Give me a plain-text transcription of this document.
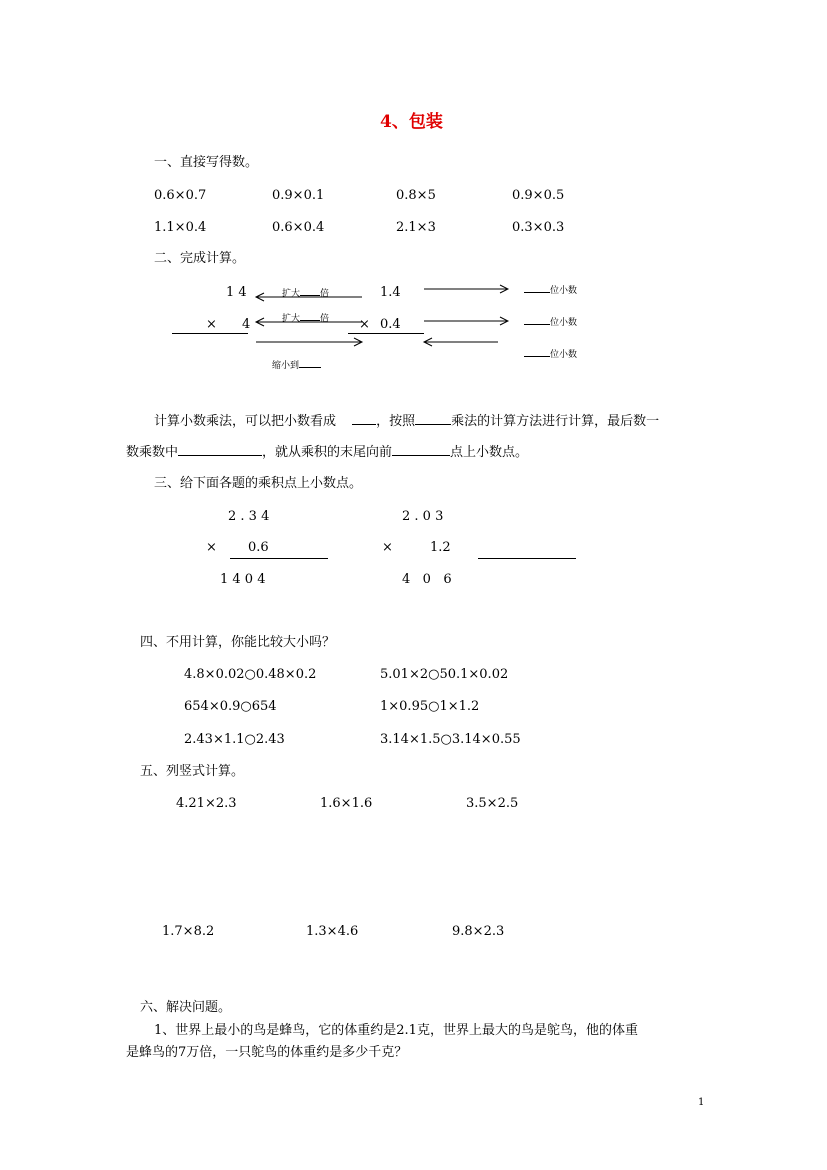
4、包装
一、直接写得数。
0.6×0.7	0.9×0.1	0.8×5	0.9×0.5
1.1×0.4	0.6×0.4	2.1×3	0.3×0.3
二、完成计算。
1 4
× 4
1.4
× 0.4
扩大 倍
扩大 倍
缩小到
位小数
位小数
位小数
计算小数乘法，可以把小数看成	，按照	乘法的计算方法进行计算，最后数一
数乘数中	，就从乘积的末尾向前	点上小数点。
三、给下面各题的乘积点上小数点。
2 . 3 4
× 0.6
1 4 0 4
2 . 0 3
×	1.2
4   0   6
四、不用计算，你能比较大小吗？
4.8×0.02○0.48×0.2	5.01×2○50.1×0.02
654×0.9○654	1×0.95○1×1.2
2.43×1.1○2.43	3.14×1.5○3.14×0.55
五、列竖式计算。
4.21×2.3	1.6×1.6	3.5×2.5
1.7×8.2	1.3×4.6	9.8×2.3
六、解决问题。
1、世界上最小的鸟是蜂鸟，它的体重约是2.1克，世界上最大的鸟是鸵鸟，他的体重
是蜂鸟的7万倍，一只鸵鸟的体重约是多少千克？
1
